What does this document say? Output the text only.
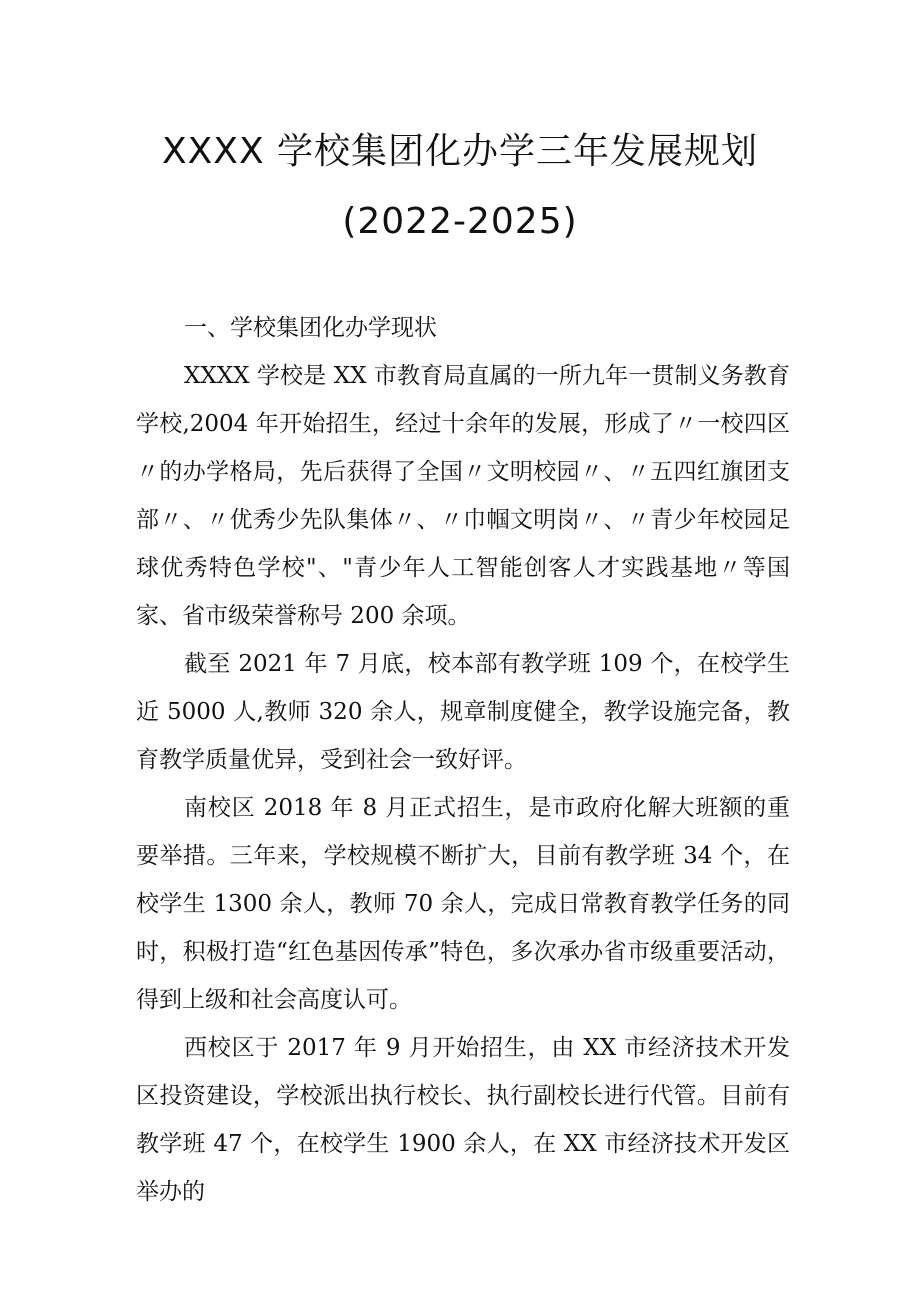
XXXX 学校集团化办学三年发展规划
(2022-2025)

一、学校集团化办学现状

XXXX 学校是 XX 市教育局直属的一所九年一贯制义务教育学校,2004 年开始招生，经过十余年的发展，形成了〃一校四区〃的办学格局，先后获得了全国〃文明校园〃、〃五四红旗团支部〃、〃优秀少先队集体〃、〃巾帼文明岗〃、〃青少年校园足球优秀特色学校"、"青少年人工智能创客人才实践基地〃等国家、省市级荣誉称号 200 余项。

截至 2021 年 7 月底，校本部有教学班 109 个，在校学生近 5000 人,教师 320 余人，规章制度健全，教学设施完备，教育教学质量优异，受到社会一致好评。

南校区 2018 年 8 月正式招生，是市政府化解大班额的重要举措。三年来，学校规模不断扩大，目前有教学班 34 个，在校学生 1300 余人，教师 70 余人，完成日常教育教学任务的同时，积极打造“红色基因传承”特色，多次承办省市级重要活动，得到上级和社会高度认可。

西校区于 2017 年 9 月开始招生，由 XX 市经济技术开发区投资建设，学校派出执行校长、执行副校长进行代管。目前有教学班 47 个，在校学生 1900 余人，在 XX 市经济技术开发区举办的
